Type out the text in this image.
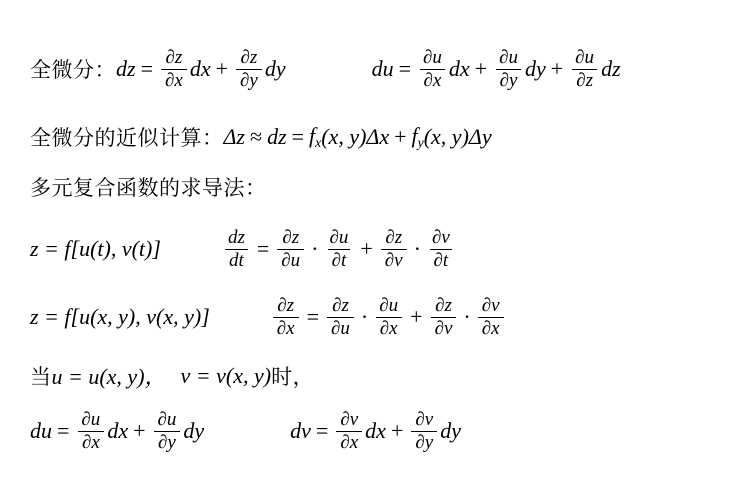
全微分： dz = $\frac{\partial z}{\partial x}$ dx + $\frac{\partial z}{\partial y}$ dy	du = $\frac{\partial u}{\partial x}$ dx + $\frac{\partial u}{\partial y}$ dy + $\frac{\partial u}{\partial z}$ dz
全微分的近似计算： Δz ≈ dz = $f_x$ (x, y) $\Delta x + f_y$ (x, y) Δy
多元复合函数的求导法：
z = f[u(t), v(t)]	$\frac{dz}{dt} = \frac{\partial z}{\partial u} \cdot \frac{\partial u}{\partial t} + \frac{\partial z}{\partial v} \cdot \frac{\partial v}{\partial t}$
z = f[u(x, y), v(x, y)]	$\frac{\partial z}{\partial x} = \frac{\partial z}{\partial u} \cdot \frac{\partial u}{\partial x} + \frac{\partial z}{\partial v} \cdot \frac{\partial v}{\partial x}$
当 u = u(x, y)， v = v(x, y) 时，
du = $\frac{\partial u}{\partial x}$ dx + $\frac{\partial u}{\partial y}$ dy	dv = $\frac{\partial v}{\partial x}$ dx + $\frac{\partial v}{\partial y}$ dy
